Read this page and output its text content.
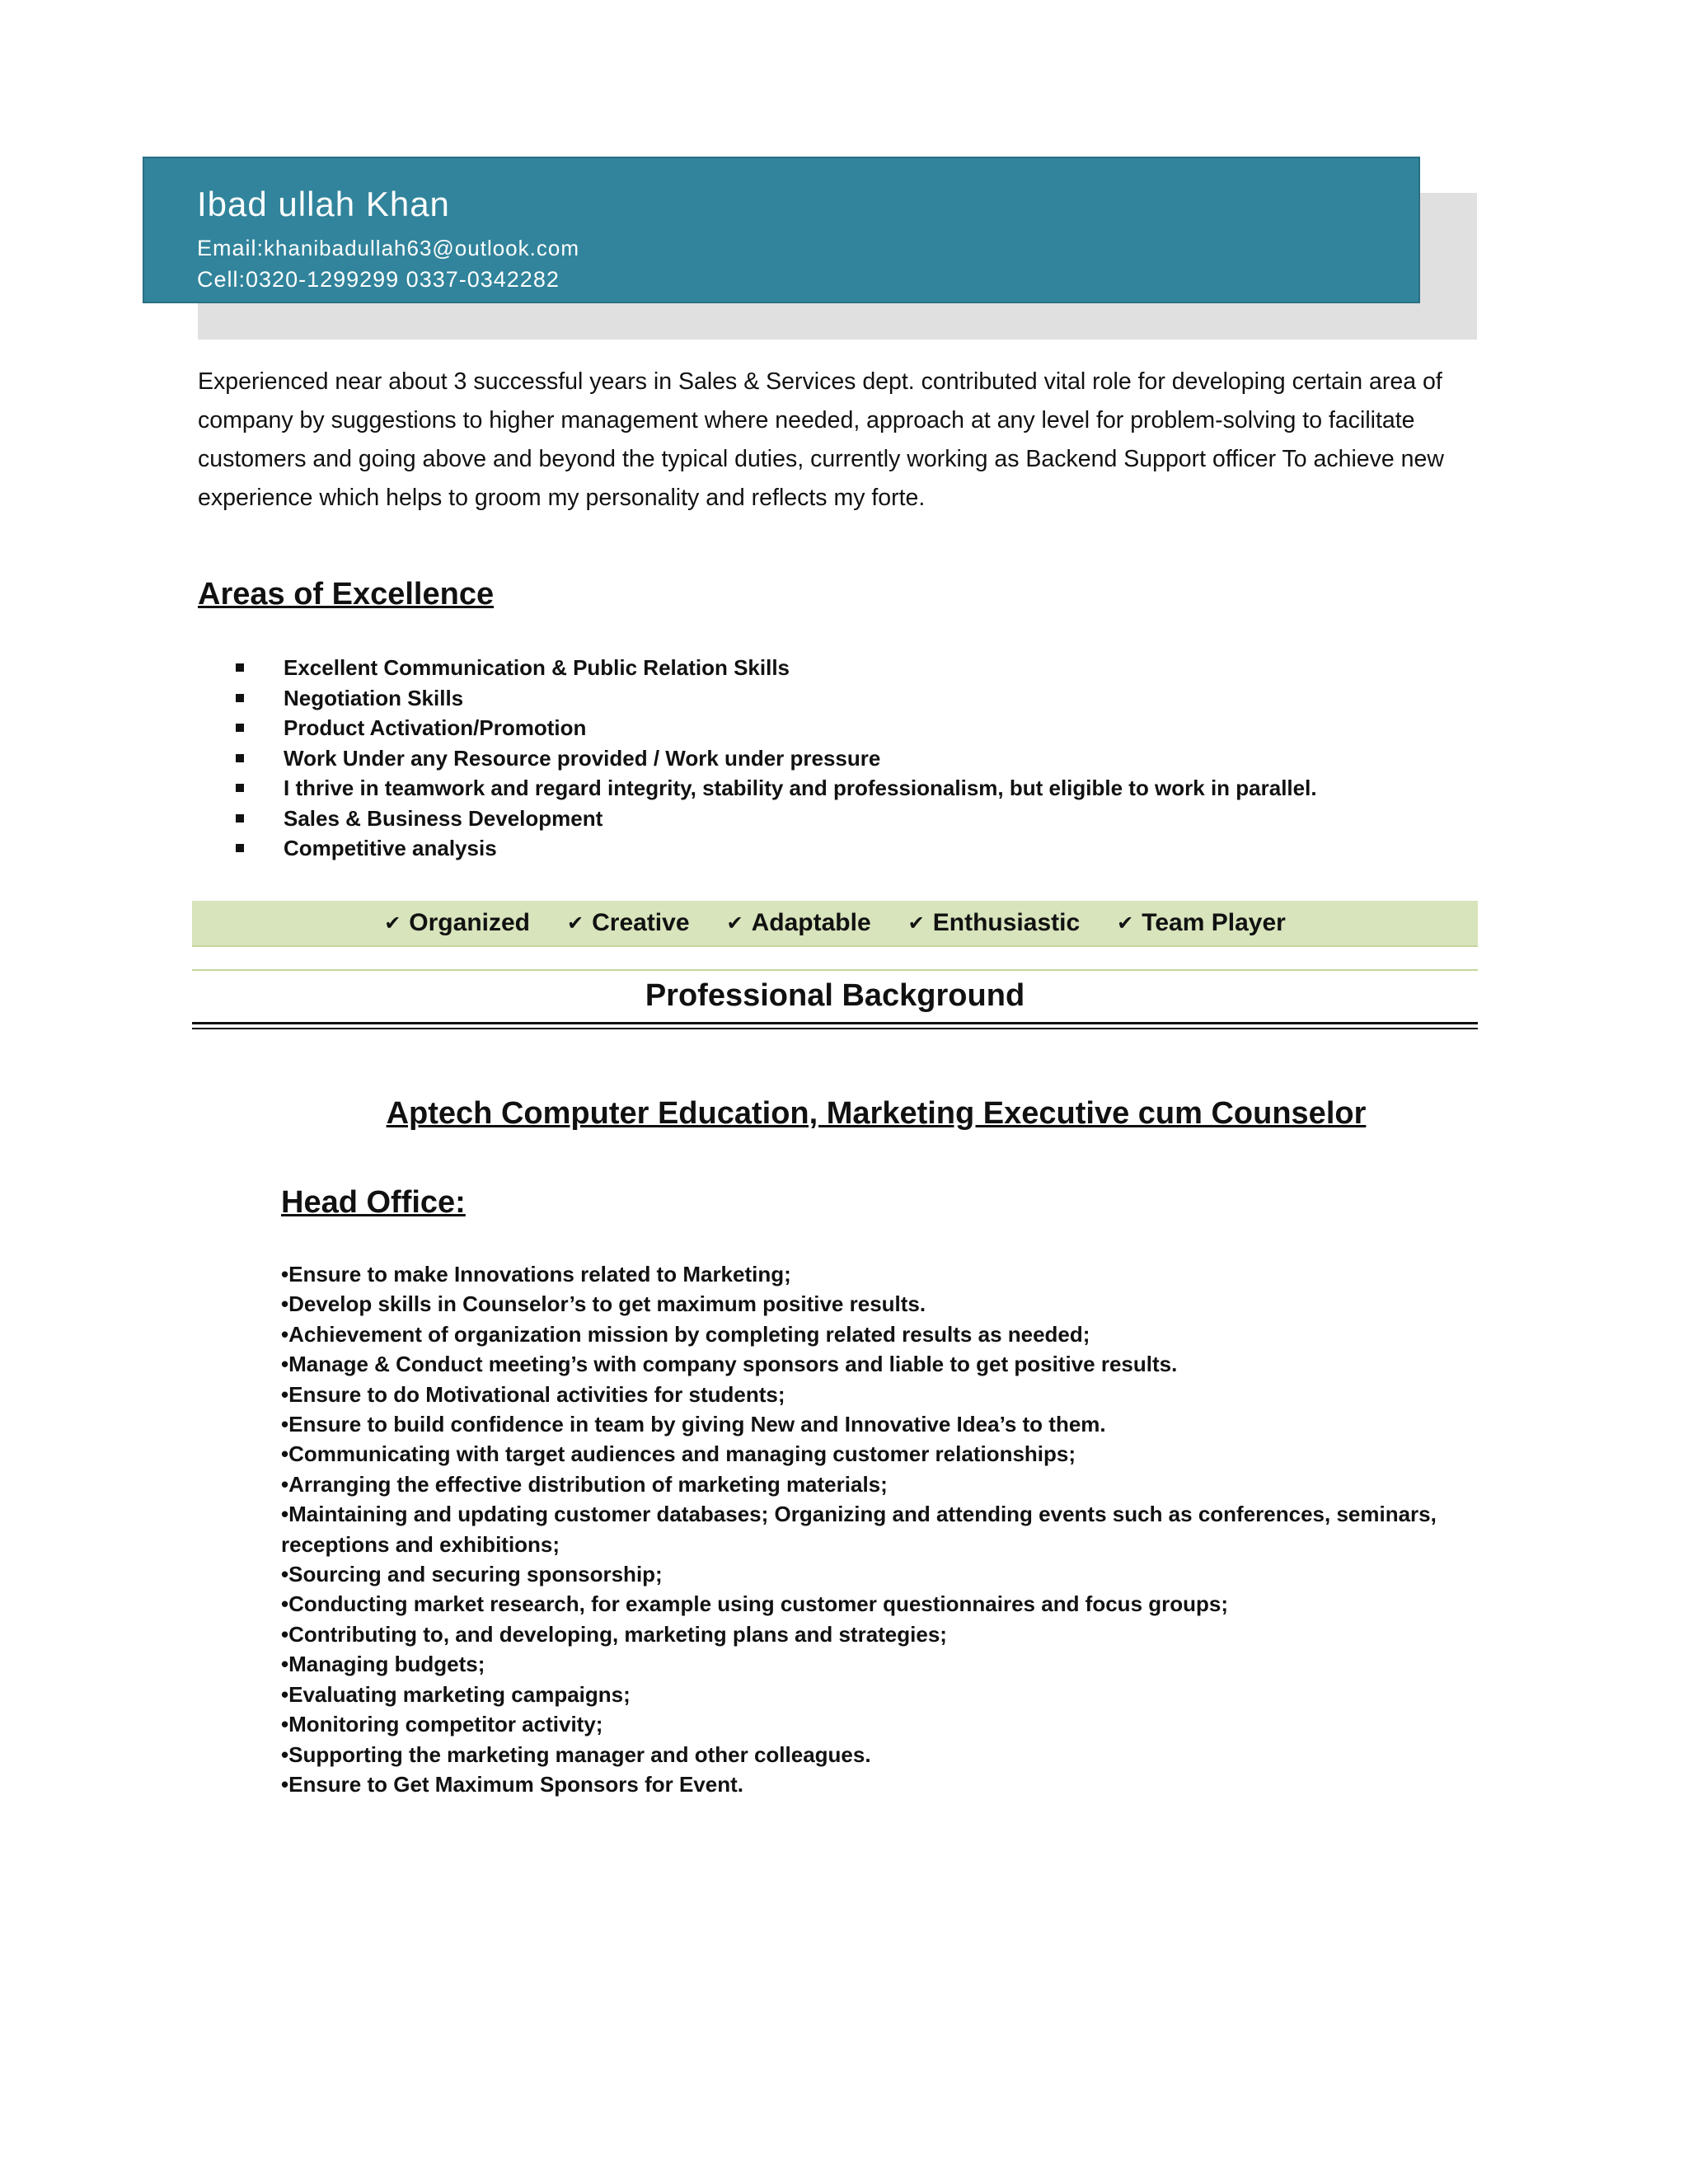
Ibad ullah Khan
Email:khanibadullah63@outlook.com
Cell:0320-1299299 0337-0342282

Experienced near about 3 successful years in Sales & Services dept. contributed vital role for developing certain area of company by suggestions to higher management where needed, approach at any level for problem-solving to facilitate customers and going above and beyond the typical duties, currently working as Backend Support officer To achieve new experience which helps to groom my personality and reflects my forte.

Areas of Excellence
Excellent Communication & Public Relation Skills
Negotiation Skills
Product Activation/Promotion
Work Under any Resource provided / Work under pressure
I thrive in teamwork and regard integrity, stability and professionalism, but eligible to work in parallel.
Sales & Business Development
Competitive analysis
✔ Organized ✔ Creative ✔ Adaptable ✔ Enthusiastic ✔ Team Player
Professional Background
Aptech Computer Education, Marketing Executive cum Counselor
Head Office:
•Ensure to make Innovations related to Marketing;
•Develop skills in Counselor’s to get maximum positive results.
•Achievement of organization mission by completing related results as needed;
•Manage & Conduct meeting’s with company sponsors and liable to get positive results.
•Ensure to do Motivational activities for students;
•Ensure to build confidence in team by giving New and Innovative Idea’s to them.
•Communicating with target audiences and managing customer relationships;
•Arranging the effective distribution of marketing materials;
•Maintaining and updating customer databases; Organizing and attending events such as conferences, seminars, receptions and exhibitions;
•Sourcing and securing sponsorship;
•Conducting market research, for example using customer questionnaires and focus groups;
•Contributing to, and developing, marketing plans and strategies;
•Managing budgets;
•Evaluating marketing campaigns;
•Monitoring competitor activity;
•Supporting the marketing manager and other colleagues.
•Ensure to Get Maximum Sponsors for Event.
